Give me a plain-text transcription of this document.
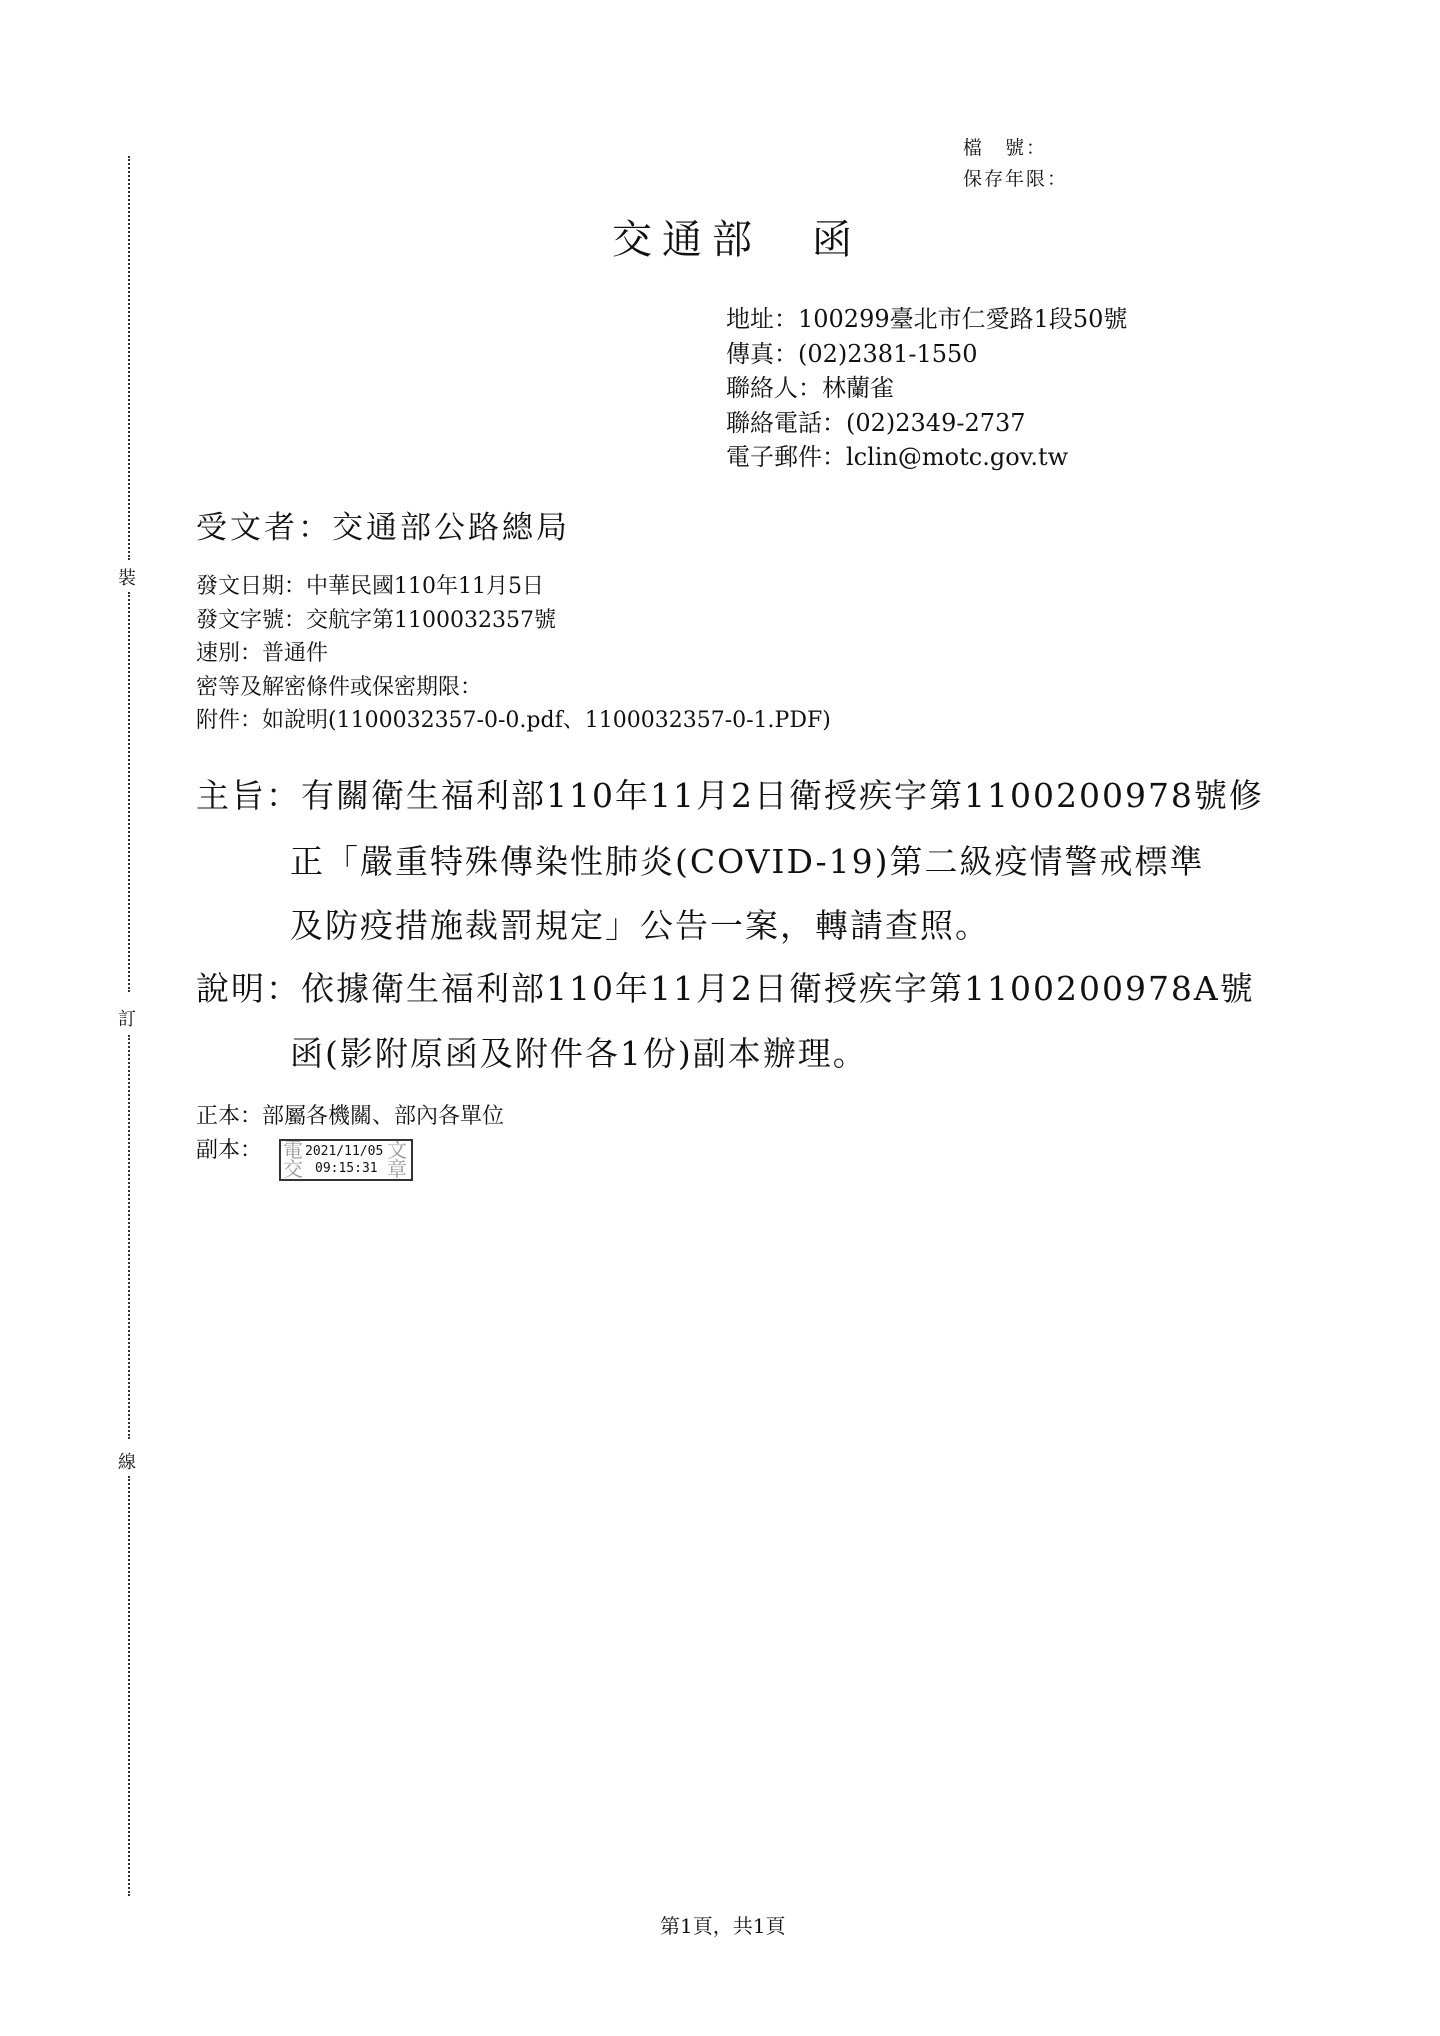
裝
訂
線
檔　號：
保存年限：
交通部　函
地址：100299臺北市仁愛路1段50號
傳真：(02)2381-1550
聯絡人：林蘭雀
聯絡電話：(02)2349-2737
電子郵件：lclin@motc.gov.tw
受文者：交通部公路總局
發文日期：中華民國110年11月5日
發文字號：交航字第1100032357號
速別：普通件
密等及解密條件或保密期限：
附件：如說明(1100032357-0-0.pdf、1100032357-0-1.PDF)
主旨：有關衛生福利部110年11月2日衛授疾字第1100200978號修
正「嚴重特殊傳染性肺炎(COVID-19)第二級疫情警戒標準
及防疫措施裁罰規定」公告一案，轉請查照。
說明：依據衛生福利部110年11月2日衛授疾字第1100200978A號
函(影附原函及附件各1份)副本辦理。
正本：部屬各機關、部內各單位
副本： 電交
文章
2021/11/05
09:15:31
第1頁，共1頁
